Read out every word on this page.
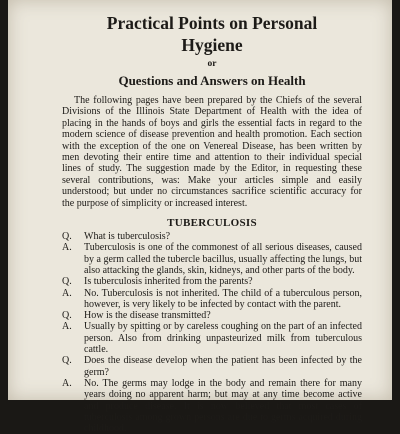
Practical Points on Personal
Hygiene
or
Questions and Answers on Health

The following pages have been prepared by the Chiefs of the several Divisions of the Illinois State Department of Health with the idea of placing in the hands of boys and girls the essential facts in regard to the modern science of disease prevention and health promotion. Each section with the exception of the one on Venereal Disease, has been written by men devoting their entire time and attention to their individual special lines of study. The suggestion made by the Editor, in requesting these several contributions, was: Make your articles simple and easily understood; but under no circumstances sacrifice scientific accuracy for the purpose of simplicity or increased interest.

TUBERCULOSIS
Q. What is tuberculosis?
A. Tuberculosis is one of the commonest of all serious diseases, caused by a germ called the tubercle bacillus, usually affecting the lungs, but also attacking the glands, skin, kidneys, and other parts of the body.
Q. Is tuberculosis inherited from the parents?
A. No. Tuberculosis is not inherited. The child of a tuberculous person, however, is very likely to be infected by contact with the parent.
Q. How is the disease transmitted?
A. Usually by spitting or by careless coughing on the part of an infected person. Also from drinking unpasteurized milk from tuberculous cattle.
Q. Does the disease develop when the patient has been infected by the germ?
A. No. The germs may lodge in the body and remain there for many years doing no apparent harm; but may at any time become active and produce disease. It is now believed that most cases of tuberculosis among grown persons are due to germs acquired during childhood.
